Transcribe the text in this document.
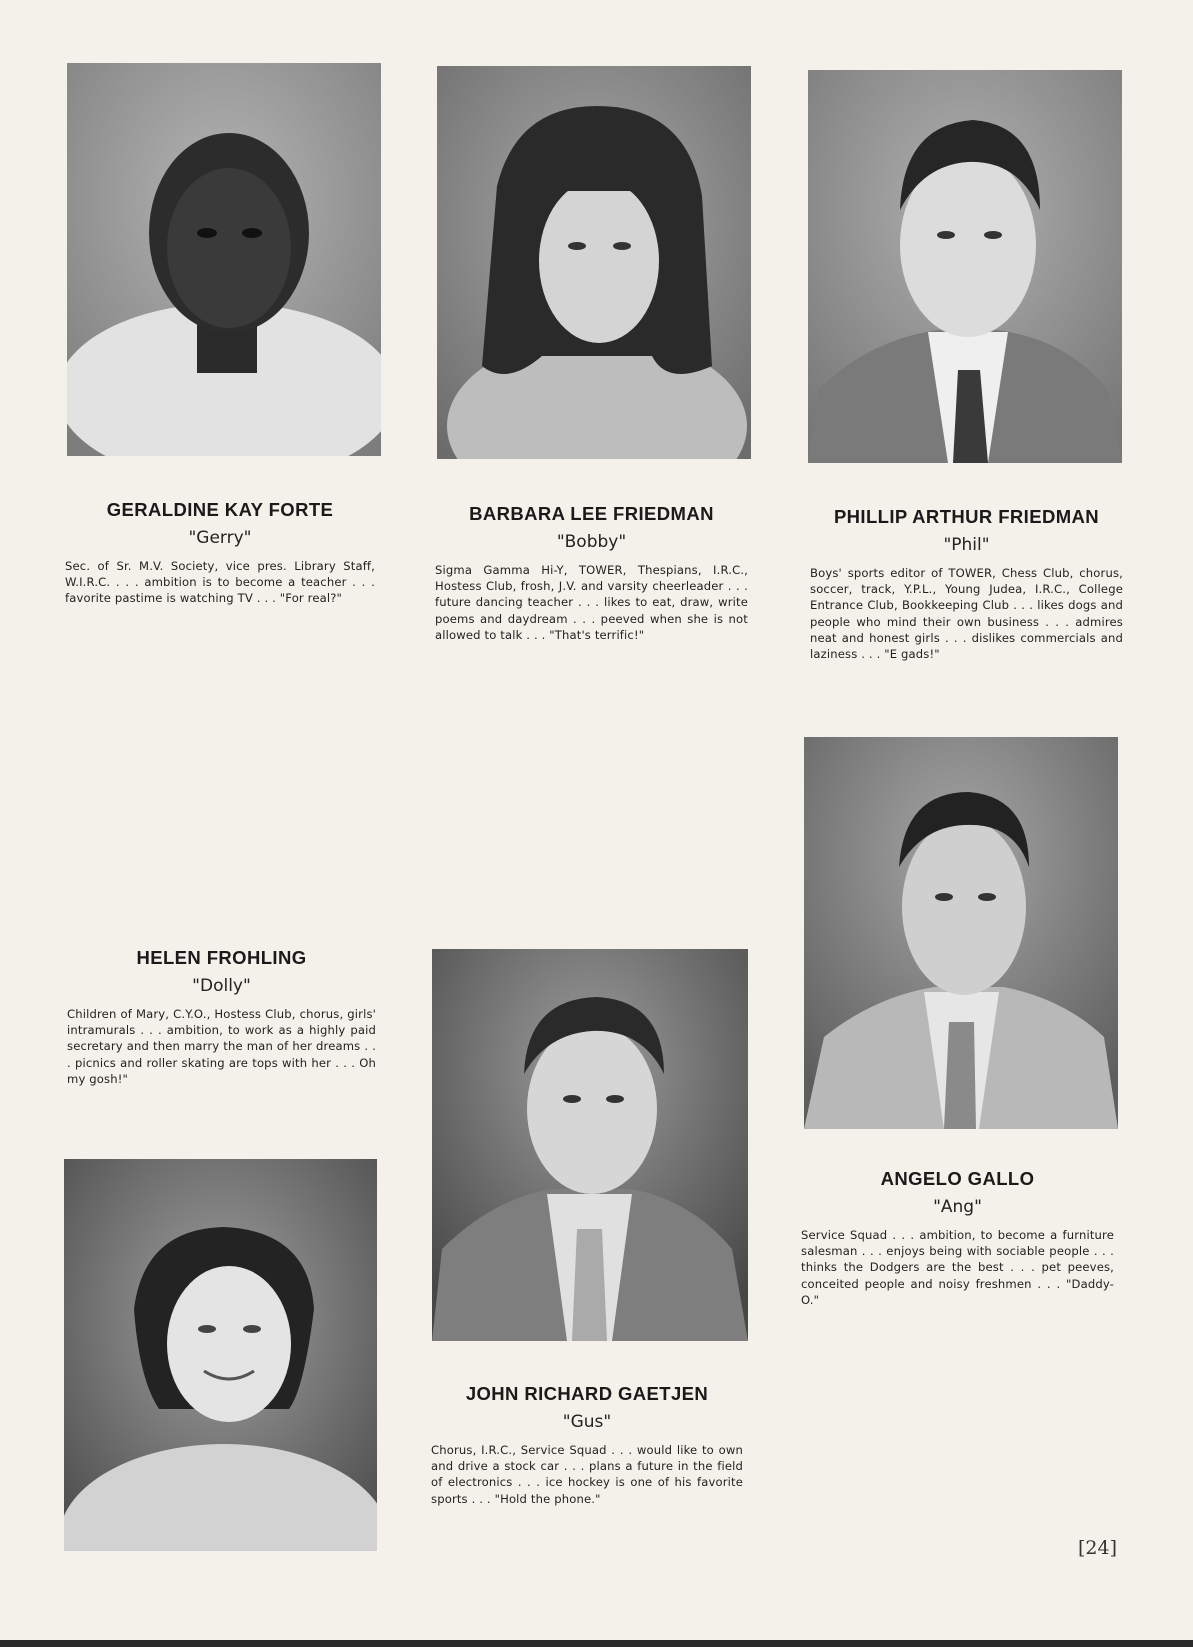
GERALDINE KAY FORTE

"Gerry"

Sec. of Sr. M.V. Society, vice pres. Library Staff, W.I.R.C. . . . ambition is to become a teacher . . . favorite pastime is watching TV . . . "For real?"

BARBARA LEE FRIEDMAN

"Bobby"

Sigma Gamma Hi-Y, TOWER, Thespians, I.R.C., Hostess Club, frosh, J.V. and varsity cheerleader . . . future dancing teacher . . . likes to eat, draw, write poems and daydream . . . peeved when she is not allowed to talk . . . "That's terrific!"

PHILLIP ARTHUR FRIEDMAN

"Phil"

Boys' sports editor of TOWER, Chess Club, chorus, soccer, track, Y.P.L., Young Judea, I.R.C., College Entrance Club, Bookkeeping Club . . . likes dogs and people who mind their own business . . . admires neat and honest girls . . . dislikes commercials and laziness . . . "E gads!"

HELEN FROHLING

"Dolly"

Children of Mary, C.Y.O., Hostess Club, chorus, girls' intramurals . . . ambition, to work as a highly paid secretary and then marry the man of her dreams . . . picnics and roller skating are tops with her . . . Oh my gosh!"

JOHN RICHARD GAETJEN

"Gus"

Chorus, I.R.C., Service Squad . . . would like to own and drive a stock car . . . plans a future in the field of electronics . . . ice hockey is one of his favorite sports . . . "Hold the phone."

ANGELO GALLO

"Ang"

Service Squad . . . ambition, to become a furniture salesman . . . enjoys being with sociable people . . . thinks the Dodgers are the best . . . pet peeves, conceited people and noisy freshmen . . . "Daddy-O."

[24]
